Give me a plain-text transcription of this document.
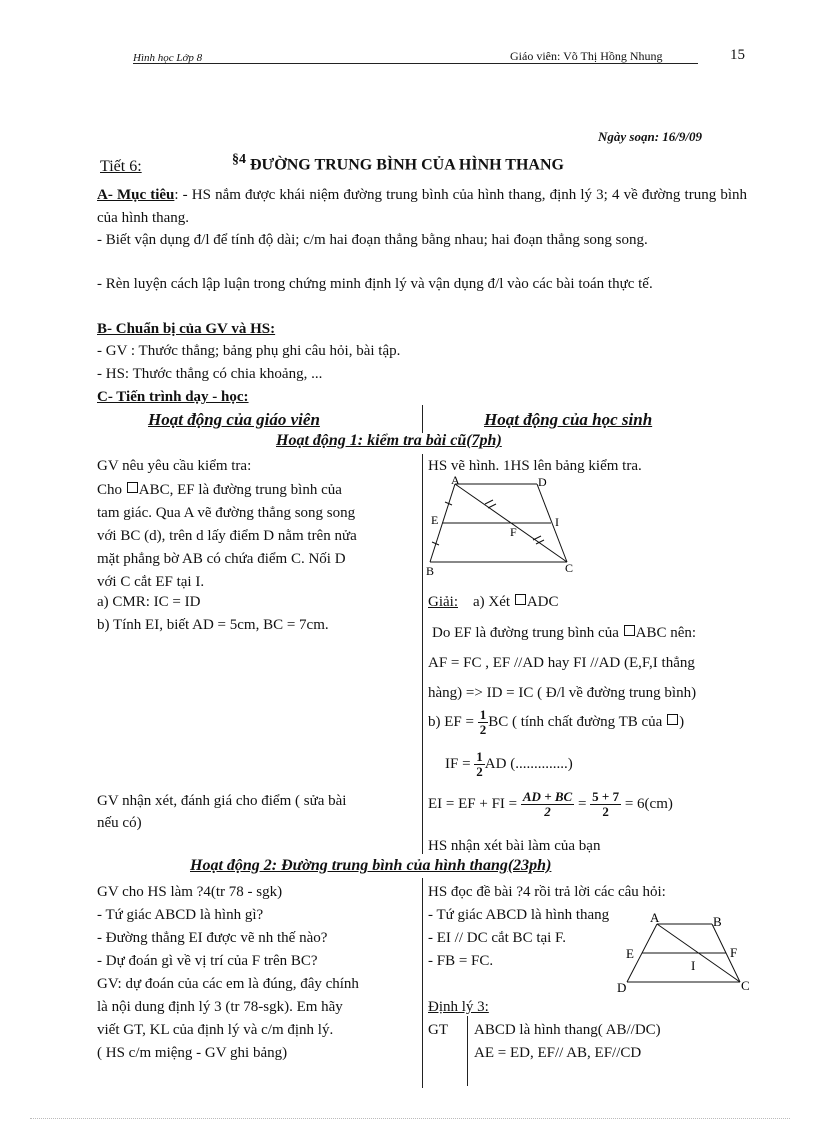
Hình học Lớp 8	Giáo viên: Võ Thị Hồng Nhung	15
Ngày soạn: 16/9/09
Tiết 6:	$^{\S 4}$ ĐƯỜNG TRUNG BÌNH CỦA HÌNH THANG
A- Mục tiêu: - HS nắm được khái niệm đường trung bình của hình thang, định lý 3; 4 về đường trung bình của hình thang.
- Biết vận dụng đ/l để tính độ dài; c/m hai đoạn thẳng bằng nhau; hai đoạn thẳng song song.
- Rèn luyện cách lập luận trong chứng minh định lý và vận dụng đ/l vào các bài toán thực tế.
B- Chuẩn bị của GV và HS:
- GV : Thước thẳng; bảng phụ ghi câu hỏi, bài tập.
- HS: Thước thẳng có chia khoảng, ...
C- Tiến trình dạy - học:
Hoạt động của giáo viên	Hoạt động của học sinh
Hoạt động 1: kiểm tra bài cũ(7ph)
GV nêu yêu cầu kiểm tra:
Cho ABC, EF là đường trung bình của
tam giác. Qua A vẽ đường thẳng song song
với BC (d), trên d lấy điểm D nằm trên nửa
mặt phẳng bờ AB có chứa điểm C. Nối D
với C cắt EF tại I.
a) CMR: IC = ID
b) Tính EI, biết AD = 5cm, BC = 7cm.
GV nhận xét, đánh giá cho điểm ( sửa bài
nếu có)
HS vẽ hình. 1HS lên bảng kiểm tra.
A	D
E
F
I
B	C
Giải: a) Xét ADC
Do EF là đường trung bình của ABC nên:
AF = FC , EF //AD hay FI //AD (E,F,I thẳng
hàng) => ID = IC ( Đ/l về đường trung bình)
b) EF = $\frac{1}{2}$ BC ( tính chất đường TB của )
IF = $\frac{1}{2}$ AD (..............)
EI = EF + FI = $\frac{AD + BC}{2} = \frac{5 + 7}{2} = 6(cm)$
HS nhận xét bài làm của bạn
Hoạt động 2: Đường trung bình của hình thang(23ph)
GV cho HS làm ?4(tr 78 - sgk)
- Tứ giác ABCD là hình gì?
- Đường thẳng EI được vẽ nh thế nào?
- Dự đoán gì về vị trí của F trên BC?
GV: dự đoán của các em là đúng, đây chính
là nội dung định lý 3 (tr 78-sgk). Em hãy
viết GT, KL của định lý và c/m định lý.
( HS c/m miệng - GV ghi bảng)
HS đọc đề bài ?4 rồi trả lời các câu hỏi:
- Tứ giác ABCD là hình thang
- EI // DC cắt BC tại F.
- FB = FC.
A	B
E	F
I
D	C
Định lý 3:
GT ABCD là hình thang( AB//DC)
AE = ED, EF// AB, EF//CD
